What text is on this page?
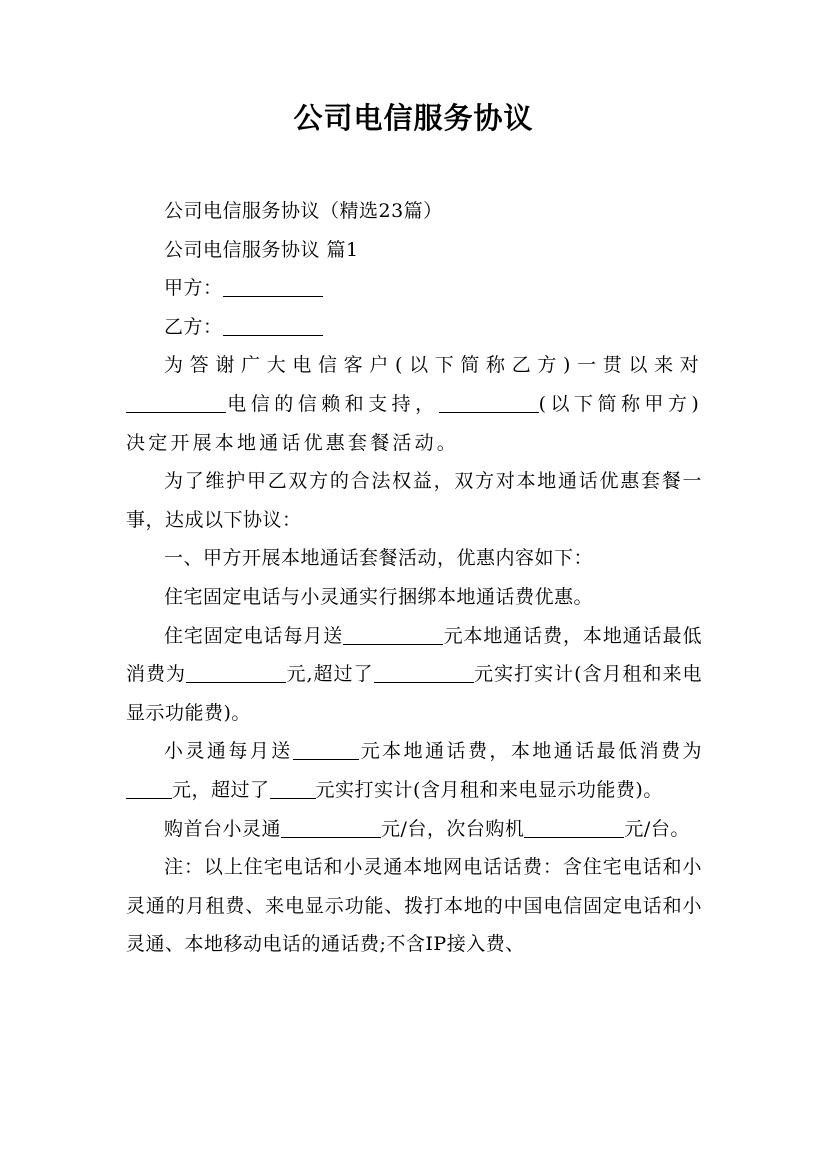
公司电信服务协议

公司电信服务协议（精选23篇）

公司电信服务协议 篇1

甲方：

乙方：

为答谢广大电信客户(以下简称乙方)一贯以来对电信的信赖和支持，	(以下简称甲方)决定开展本地通话优惠套餐活动。

为了维护甲乙双方的合法权益，双方对本地通话优惠套餐一事，达成以下协议：

一、甲方开展本地通话套餐活动，优惠内容如下：

住宅固定电话与小灵通实行捆绑本地通话费优惠。

住宅固定电话每月送	元本地通话费，本地通话最低消费为	元,超过了	元实打实计(含月租和来电显示功能费)。

小灵通每月送	元本地通话费，本地通话最低消费为元，超过了 元实打实计(含月租和来电显示功能费)。

购首台小灵通	元/台，次台购机	元/台。

注：以上住宅电话和小灵通本地网电话话费：含住宅电话和小灵通的月租费、来电显示功能、拨打本地的中国电信固定电话和小灵通、本地移动电话的通话费;不含IP接入费、
